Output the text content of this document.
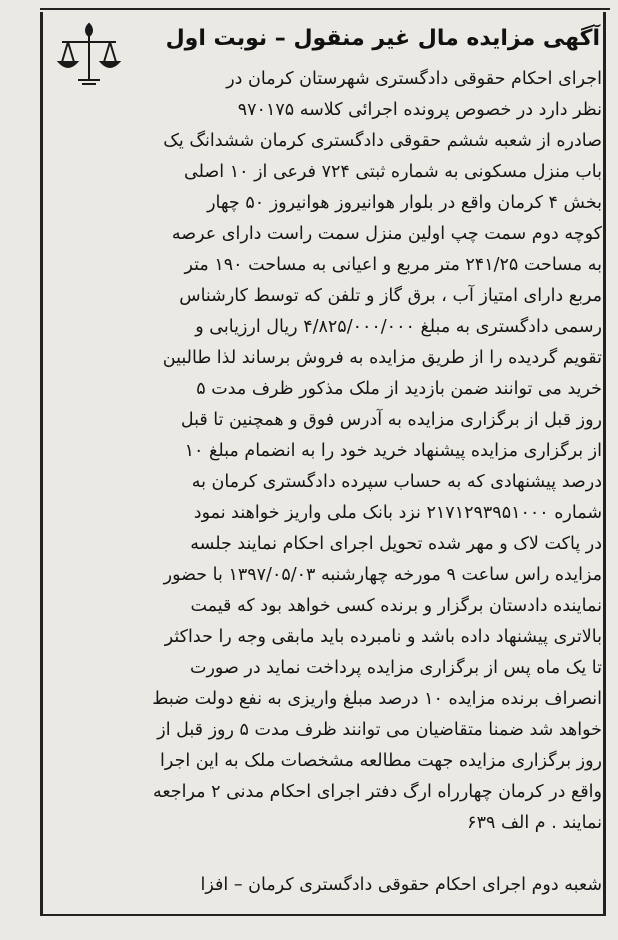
آگهی مزایده مال غیر منقول – نوبت اول
اجرای احکام حقوقی دادگستری شهرستان کرمان در
نظر دارد در خصوص پرونده اجرائی کلاسه ۹۷۰۱۷۵
صادره از شعبه ششم حقوقی دادگستری کرمان ششدانگ یک
باب منزل مسکونی به شماره ثبتی ۷۲۴ فرعی از ۱۰ اصلی
بخش ۴ کرمان واقع در بلوار هوانیروز هوانیروز ۵۰ چهار
کوچه دوم سمت چپ اولین منزل سمت راست دارای عرصه
به مساحت ۲۴۱/۲۵ متر مربع و اعیانی به مساحت ۱۹۰ متر
مربع دارای امتیاز آب ، برق گاز و تلفن که توسط کارشناس
رسمی دادگستری به مبلغ ۴/۸۲۵/۰۰۰/۰۰۰ ریال ارزیابی و
تقویم گردیده را از طریق مزایده به فروش برساند لذا طالبین
خرید می توانند ضمن بازدید از ملک مذکور ظرف مدت ۵
روز قبل از برگزاری مزایده به آدرس فوق و همچنین تا قبل
از برگزاری مزایده پیشنهاد خرید خود را به انضمام مبلغ ۱۰
درصد پیشنهادی که به حساب سپرده دادگستری کرمان به
شماره ۲۱۷۱۲۹۳۹۵۱۰۰۰ نزد بانک ملی واریز خواهند نمود
در پاکت لاک و مهر شده تحویل اجرای احکام نمایند جلسه
مزایده راس ساعت ۹ مورخه چهارشنبه ۱۳۹۷/۰۵/۰۳ با حضور
نماینده دادستان برگزار و برنده کسی خواهد بود که قیمت
بالاتری پیشنهاد داده باشد و نامبرده باید مابقی وجه را حداکثر
تا یک ماه پس از برگزاری مزایده پرداخت نماید در صورت
انصراف برنده مزایده ۱۰ درصد مبلغ واریزی به نفع دولت ضبط
خواهد شد ضمنا متقاضیان می توانند ظرف مدت ۵ روز قبل از
روز برگزاری مزایده جهت مطالعه مشخصات ملک به این اجرا
واقع در کرمان چهارراه ارگ دفتر اجرای احکام مدنی ۲ مراجعه
نمایند . م الف ۶۳۹

شعبه دوم اجرای احکام حقوقی دادگستری کرمان – افزا
